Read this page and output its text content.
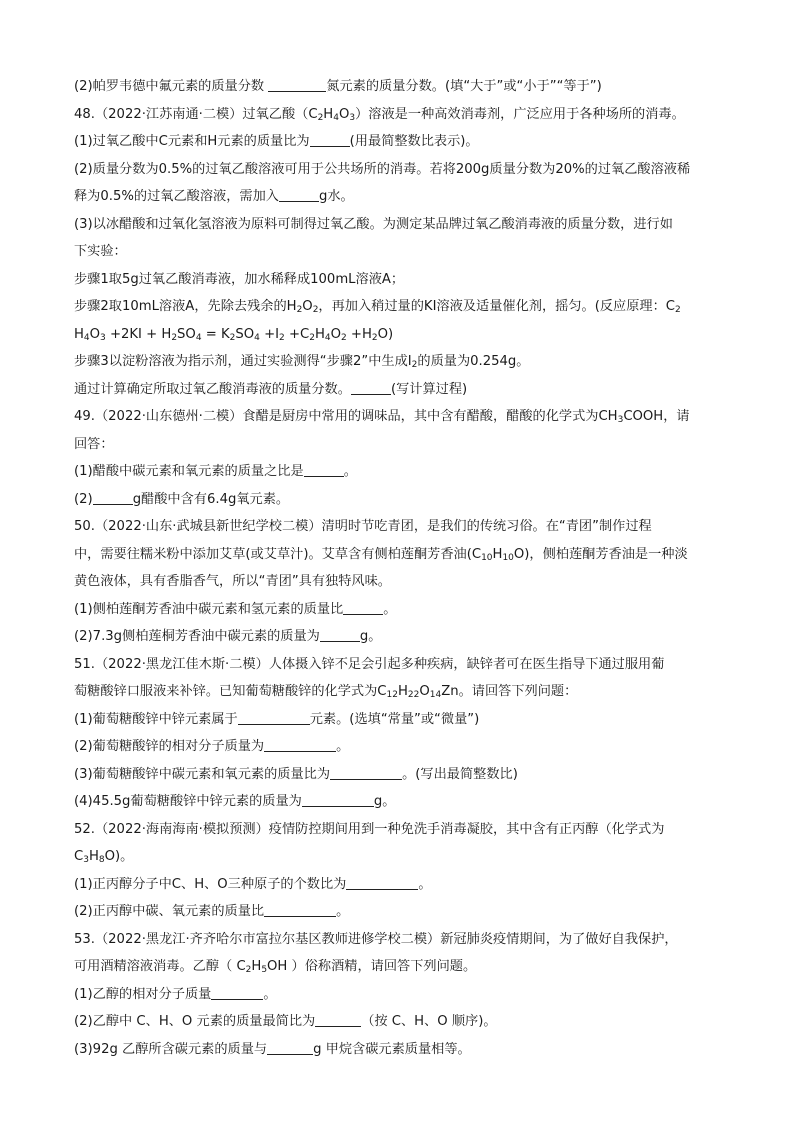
(2)帕罗韦德中氟元素的质量分数	氮元素的质量分数。(填“大于”或“小于”“等于”)
48.（2022·江苏南通·二模）过氧乙酸$(C_2H_4O_3)$溶液是一种高效消毒剂，广泛应用于各种场所的消毒。
(1)过氧乙酸中C元素和H元素的质量比为	(用最简整数比表示)。
(2)质量分数为0.5%的过氧乙酸溶液可用于公共场所的消毒。若将200g质量分数为20%的过氧乙酸溶液稀
释为0.5%的过氧乙酸溶液，需加入	g水。
(3)以冰醋酸和过氧化氢溶液为原料可制得过氧乙酸。为测定某品牌过氧乙酸消毒液的质量分数，进行如
下实验：
步骤1取5g过氧乙酸消毒液，加水稀释成100mL溶液A；
步骤2取10mL溶液A，先除去残余的$H_2O_2$，再加入稍过量的KI溶液及适量催化剂，摇匀。(反应原理：$C_2$
$H_4O_3 +2KI + H_2SO_4 = K_2SO_4 +I_2 +C_2H_4O_2 +H_2O$)
步骤3以淀粉溶液为指示剂，通过实验测得“步骤2”中生成$I_2$的质量为0.254g。
通过计算确定所取过氧乙酸消毒液的质量分数。	(写计算过程)
49.（2022·山东德州·二模）食醋是厨房中常用的调味品，其中含有醋酸，醋酸的化学式为$CH_3COOH$，请
回答：
(1)醋酸中碳元素和氧元素的质量之比是	。
(2)	g醋酸中含有6.4g氧元素。
50.（2022·山东·武城县新世纪学校二模）清明时节吃青团，是我们的传统习俗。在“青团”制作过程
中，需要往糯米粉中添加艾草(或艾草汁)。艾草含有侧柏莲酮芳香油$(C_{10}H_{10}O)$，侧柏莲酮芳香油是一种淡
黄色液体，具有香脂香气，所以“青团”具有独特风味。
(1)侧柏莲酮芳香油中碳元素和氢元素的质量比	。
(2)7.3g侧柏莲桐芳香油中碳元素的质量为	g。
51.（2022·黑龙江佳木斯·二模）人体摄入锌不足会引起多种疾病，缺锌者可在医生指导下通过服用葡
萄糖酸锌口服液来补锌。已知葡萄糖酸锌的化学式为$C_{12}H_{22}O_{14}Zn$。请回答下列问题：
(1)葡萄糖酸锌中锌元素属于	元素。(选填“常量”或“微量”)
(2)葡萄糖酸锌的相对分子质量为	。
(3)葡萄糖酸锌中碳元素和氧元素的质量比为	。(写出最简整数比)
(4)45.5g葡萄糖酸锌中锌元素的质量为	g。
52.（2022·海南海南·模拟预测）疫情防控期间用到一种免洗手消毒凝胶，其中含有正丙醇（化学式为
$C_3H_8O$)。
(1)正丙醇分子中C、H、O三种原子的个数比为	。
(2)正丙醇中碳、氧元素的质量比	。
53.（2022·黑龙江·齐齐哈尔市富拉尔基区教师进修学校二模）新冠肺炎疫情期间，为了做好自我保护，
可用酒精溶液消毒。乙醇（ $C_2H_5OH$ ）俗称酒精，请回答下列问题。
(1)乙醇的相对分子质量	。
(2)乙醇中 C、H、O 元素的质量最简比为	（按 C、H、O 顺序)。
(3)92g 乙醇所含碳元素的质量与	g 甲烷含碳元素质量相等。
